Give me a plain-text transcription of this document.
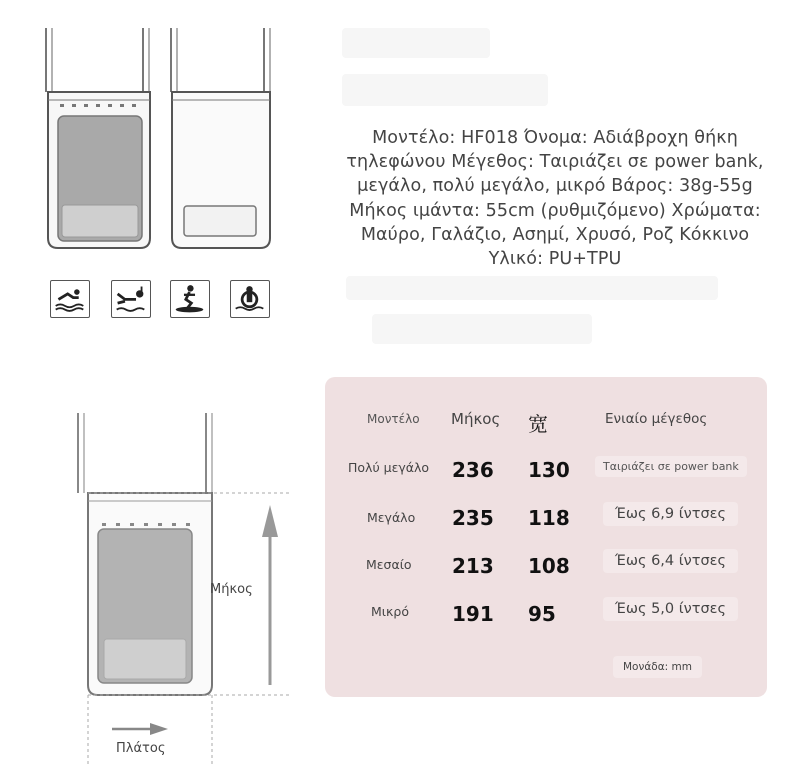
Μοντέλο: HF018 Όνομα: Αδιάβροχη θήκη τηλεφώνου Μέγεθος: Ταιριάζει σε power bank, μεγάλο, πολύ μεγάλο, μικρό Βάρος: 38g-55g Μήκος ιμάντα: 55cm (ρυθμιζόμενο) Χρώματα: Μαύρο, Γαλάζιο, Ασημί, Χρυσό, Ροζ Κόκκινο Υλικό: PU+TPU
Μήκος
Πλάτος
Μοντέλο Μήκος 宽	Ενιαίο μέγεθος
Πολύ μεγάλο 236 130	Ταιριάζει σε power bank
Μεγάλο 235 118	Έως 6,9 ίντσες
Μεσαίο 213 108	Έως 6,4 ίντσες
Μικρό 191 95	Έως 5,0 ίντσες
Μονάδα: mm
